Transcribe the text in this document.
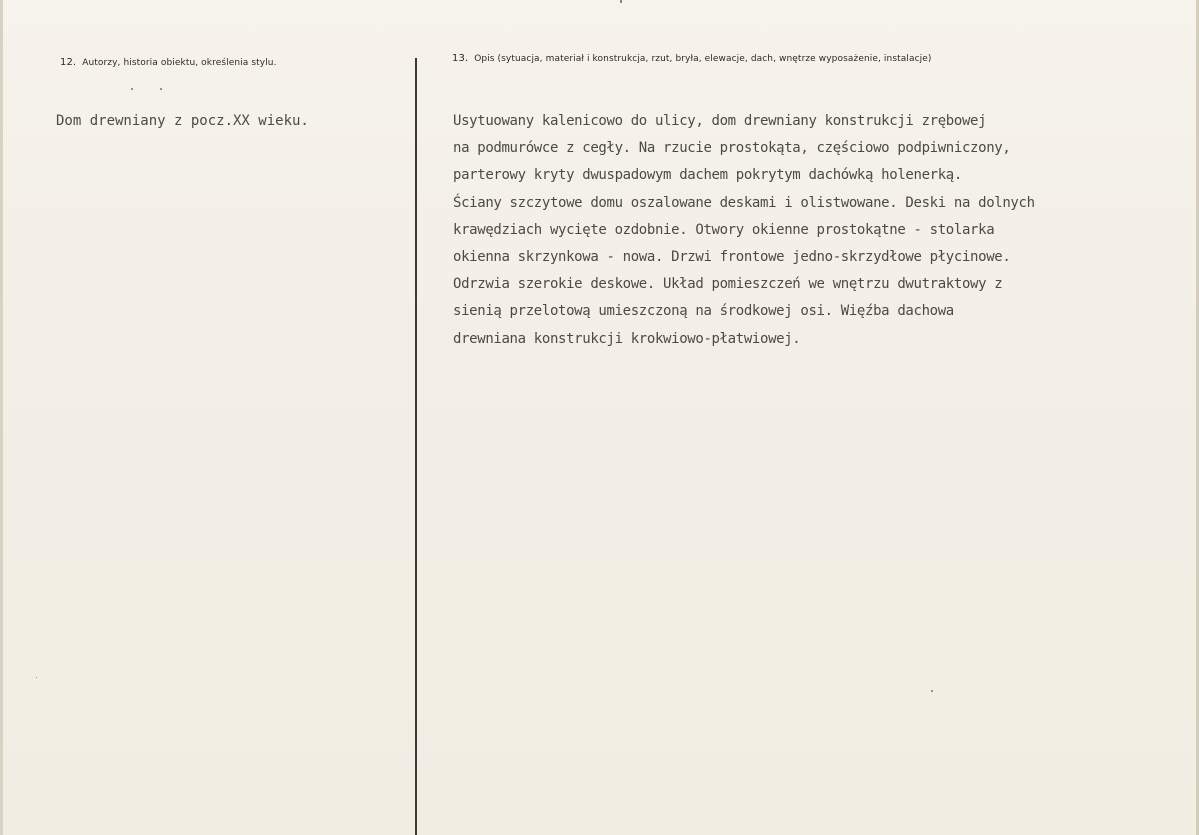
12. Autorzy, historia obiektu, określenia stylu.	13. Opis (sytuacja, materiał i konstrukcja, rzut, bryła, elewacje, dach, wnętrze wyposażenie, instalacje)
Dom drewniany z pocz.XX wieku.	Usytuowany kalenicowo do ulicy, dom drewniany konstrukcji zrębowej
na podmurówce z cegły. Na rzucie prostokąta, częściowo podpiwniczony,
parterowy kryty dwuspadowym dachem pokrytym dachówką holenerką.
Ściany szczytowe domu oszalowane deskami i olistwowane. Deski na dolnych
krawędziach wycięte ozdobnie. Otwory okienne prostokątne - stolarka
okienna skrzynkowa - nowa. Drzwi frontowe jedno-skrzydłowe płycinowe.
Odrzwia szerokie deskowe. Układ pomieszczeń we wnętrzu dwutraktowy z
sienią przelotową umieszczoną na środkowej osi. Więźba dachowa
drewniana konstrukcji krokwiowo-płatwiowej.
